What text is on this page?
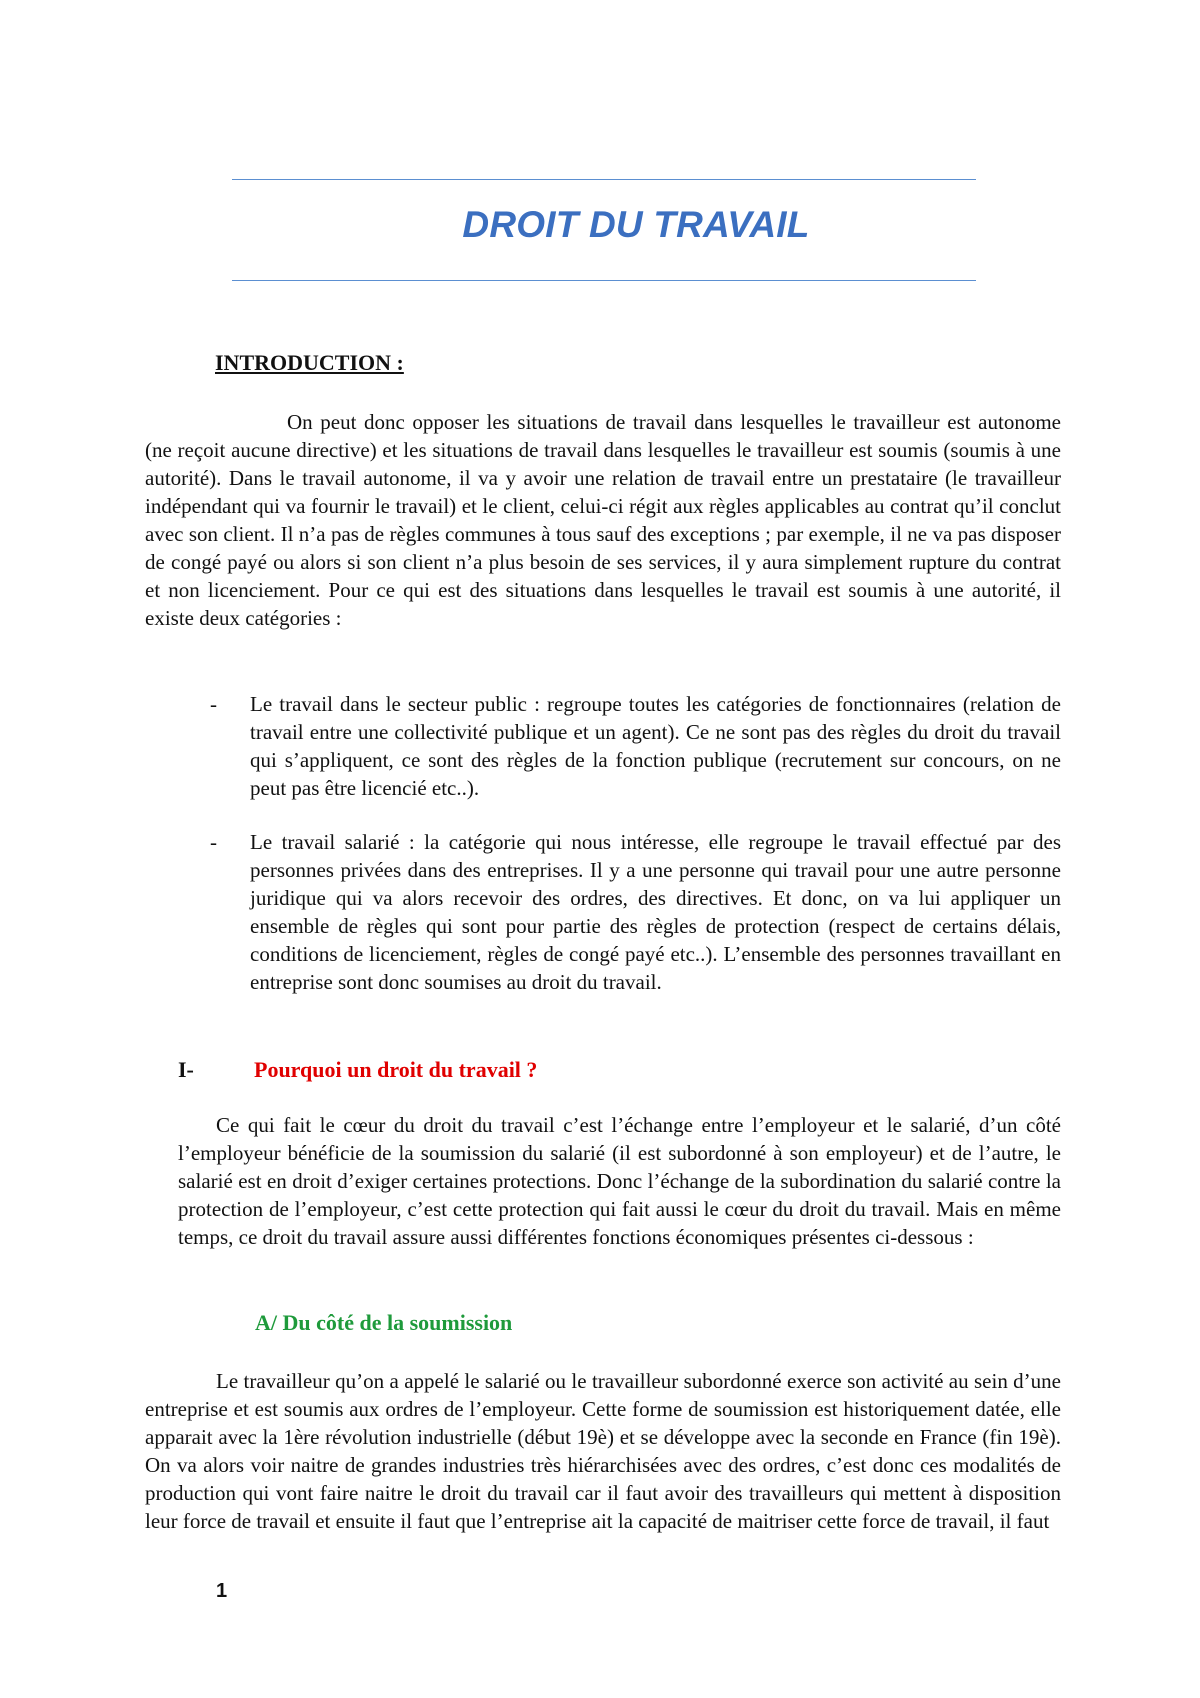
DROIT DU TRAVAIL
INTRODUCTION :

On peut donc opposer les situations de travail dans lesquelles le travailleur est autonome (ne reçoit aucune directive) et les situations de travail dans lesquelles le travailleur est soumis (soumis à une autorité). Dans le travail autonome, il va y avoir une relation de travail entre un prestataire (le travailleur indépendant qui va fournir le travail) et le client, celui-ci régit aux règles applicables au contrat qu’il conclut avec son client. Il n’a pas de règles communes à tous sauf des exceptions ; par exemple, il ne va pas disposer de congé payé ou alors si son client n’a plus besoin de ses services, il y aura simplement rupture du contrat et non licenciement. Pour ce qui est des situations dans lesquelles le travail est soumis à une autorité, il existe deux catégories :

- Le travail dans le secteur public : regroupe toutes les catégories de fonctionnaires (relation de travail entre une collectivité publique et un agent). Ce ne sont pas des règles du droit du travail qui s’appliquent, ce sont des règles de la fonction publique (recrutement sur concours, on ne peut pas être licencié etc..).
- Le travail salarié : la catégorie qui nous intéresse, elle regroupe le travail effectué par des personnes privées dans des entreprises. Il y a une personne qui travail pour une autre personne juridique qui va alors recevoir des ordres, des directives. Et donc, on va lui appliquer un ensemble de règles qui sont pour partie des règles de protection (respect de certains délais, conditions de licenciement, règles de congé payé etc..). L’ensemble des personnes travaillant en entreprise sont donc soumises au droit du travail.
I-	Pourquoi un droit du travail ?

Ce qui fait le cœur du droit du travail c’est l’échange entre l’employeur et le salarié, d’un côté l’employeur bénéficie de la soumission du salarié (il est subordonné à son employeur) et de l’autre, le salarié est en droit d’exiger certaines protections. Donc l’échange de la subordination du salarié contre la protection de l’employeur, c’est cette protection qui fait aussi le cœur du droit du travail. Mais en même temps, ce droit du travail assure aussi différentes fonctions économiques présentes ci-dessous :

A/ Du côté de la soumission

Le travailleur qu’on a appelé le salarié ou le travailleur subordonné exerce son activité au sein d’une entreprise et est soumis aux ordres de l’employeur. Cette forme de soumission est historiquement datée, elle apparait avec la 1ère révolution industrielle (début 19è) et se développe avec la seconde en France (fin 19è). On va alors voir naitre de grandes industries très hiérarchisées avec des ordres, c’est donc ces modalités de production qui vont faire naitre le droit du travail car il faut avoir des travailleurs qui mettent à disposition leur force de travail et ensuite il faut que l’entreprise ait la capacité de maitriser cette force de travail, il faut

1
